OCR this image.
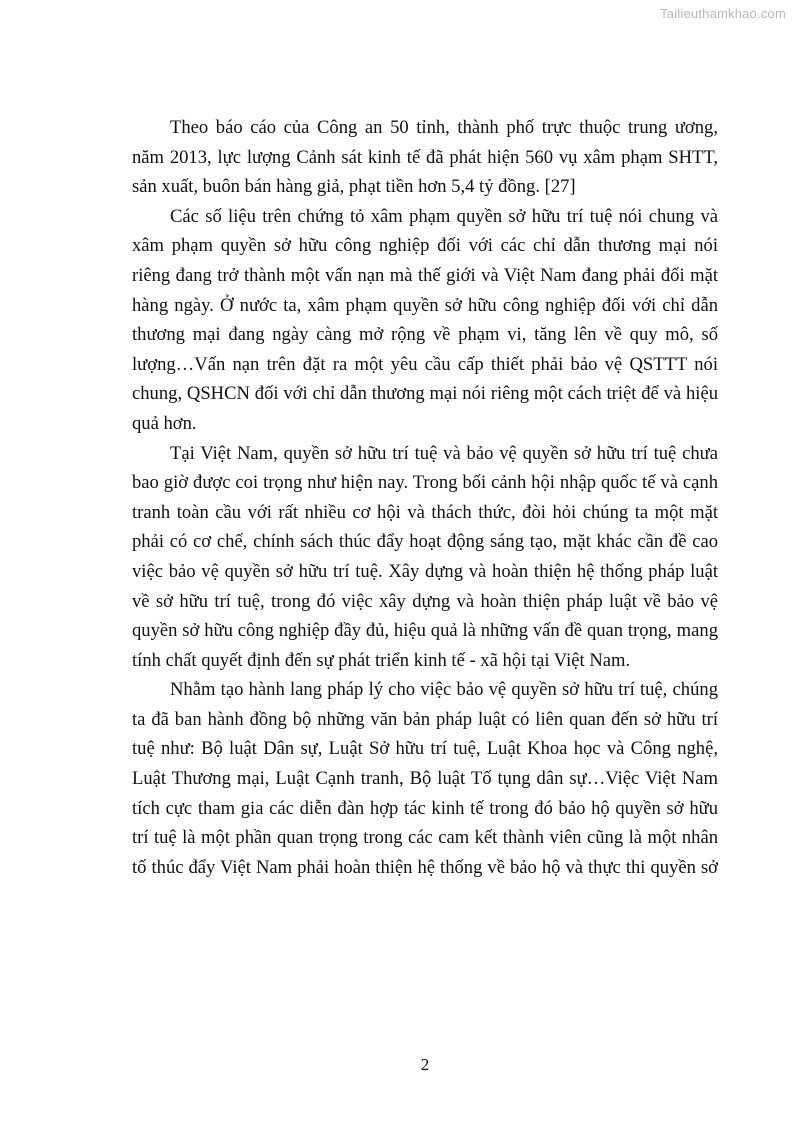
Tailieuthamkhao.com
Theo báo cáo của Công an 50 tỉnh, thành phố trực thuộc trung ương,
năm 2013, lực lượng Cảnh sát kinh tế đã phát hiện 560 vụ xâm phạm SHTT,
sản xuất, buôn bán hàng giả, phạt tiền hơn 5,4 tỷ đồng. [27]
Các số liệu trên chứng tỏ xâm phạm quyền sở hữu trí tuệ nói chung và
xâm phạm quyền sở hữu công nghiệp đối với các chỉ dẫn thương mại nói
riêng đang trở thành một vấn nạn mà thế giới và Việt Nam đang phải đối mặt
hàng ngày. Ở nước ta, xâm phạm quyền sở hữu công nghiệp đối với chỉ dẫn
thương mại đang ngày càng mở rộng về phạm vi, tăng lên về quy mô, số
lượng…Vấn nạn trên đặt ra một yêu cầu cấp thiết phải bảo vệ QSTTT nói
chung, QSHCN đối với chỉ dẫn thương mại nói riêng một cách triệt để và hiệu
quả hơn.
Tại Việt Nam, quyền sở hữu trí tuệ và bảo vệ quyền sở hữu trí tuệ chưa
bao giờ được coi trọng như hiện nay. Trong bối cảnh hội nhập quốc tế và cạnh
tranh toàn cầu với rất nhiều cơ hội và thách thức, đòi hỏi chúng ta một mặt
phải có cơ chế, chính sách thúc đẩy hoạt động sáng tạo, mặt khác cần đề cao
việc bảo vệ quyền sở hữu trí tuệ. Xây dựng và hoàn thiện hệ thống pháp luật
về sở hữu trí tuệ, trong đó việc xây dựng và hoàn thiện pháp luật về bảo vệ
quyền sở hữu công nghiệp đầy đủ, hiệu quả là những vấn đề quan trọng, mang
tính chất quyết định đến sự phát triển kinh tế - xã hội tại Việt Nam.
Nhằm tạo hành lang pháp lý cho việc bảo vệ quyền sở hữu trí tuệ, chúng
ta đã ban hành đồng bộ những văn bản pháp luật có liên quan đến sở hữu trí
tuệ như: Bộ luật Dân sự, Luật Sở hữu trí tuệ, Luật Khoa học và Công nghệ,
Luật Thương mại, Luật Cạnh tranh, Bộ luật Tố tụng dân sự…Việc Việt Nam
tích cực tham gia các diễn đàn hợp tác kinh tế trong đó bảo hộ quyền sở hữu
trí tuệ là một phần quan trọng trong các cam kết thành viên cũng là một nhân
tố thúc đẩy Việt Nam phải hoàn thiện hệ thống về bảo hộ và thực thi quyền sở
2
